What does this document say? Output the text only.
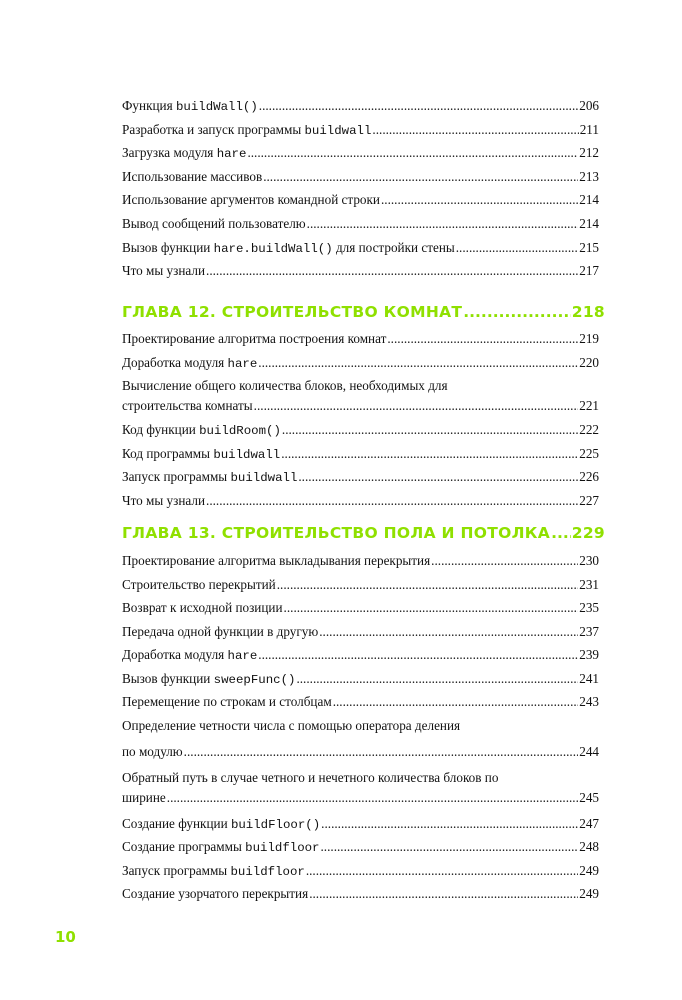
Функция buildWall() .....	206
Разработка и запуск программы buildwall .....	211
Загрузка модуля hare .....	212
Использование массивов .....	213
Использование аргументов командной строки .....	214
Вывод сообщений пользователю .....	214
Вызов функции hare.buildWall() для постройки стены .....	215
Что мы узнали .....	217
ГЛАВА 12. СТРОИТЕЛЬСТВО КОМНАТ .....	218
Проектирование алгоритма построения комнат .....	219
Доработка модуля hare .....	220
Вычисление общего количества блоков, необходимых для
строительства комнаты .....	221
Код функции buildRoom() .....	222
Код программы buildwall .....	225
Запуск программы buildwall .....	226
Что мы узнали .....	227
ГЛАВА 13. СТРОИТЕЛЬСТВО ПОЛА И ПОТОЛКА ..... 229
Проектирование алгоритма выкладывания перекрытия .....	230
Строительство перекрытий .....	231
Возврат к исходной позиции .....	235
Передача одной функции в другую .....	237
Доработка модуля hare .....	239
Вызов функции sweepFunc() .....	241
Перемещение по строкам и столбцам .....	243
Определение четности числа с помощью оператора деления
по модулю .....	244
Обратный путь в случае четного и нечетного количества блоков по
ширине .....	245
Создание функции buildFloor() .....	247
Создание программы buildfloor .....	248
Запуск программы buildfloor .....	249
Создание узорчатого перекрытия .....	249
10
